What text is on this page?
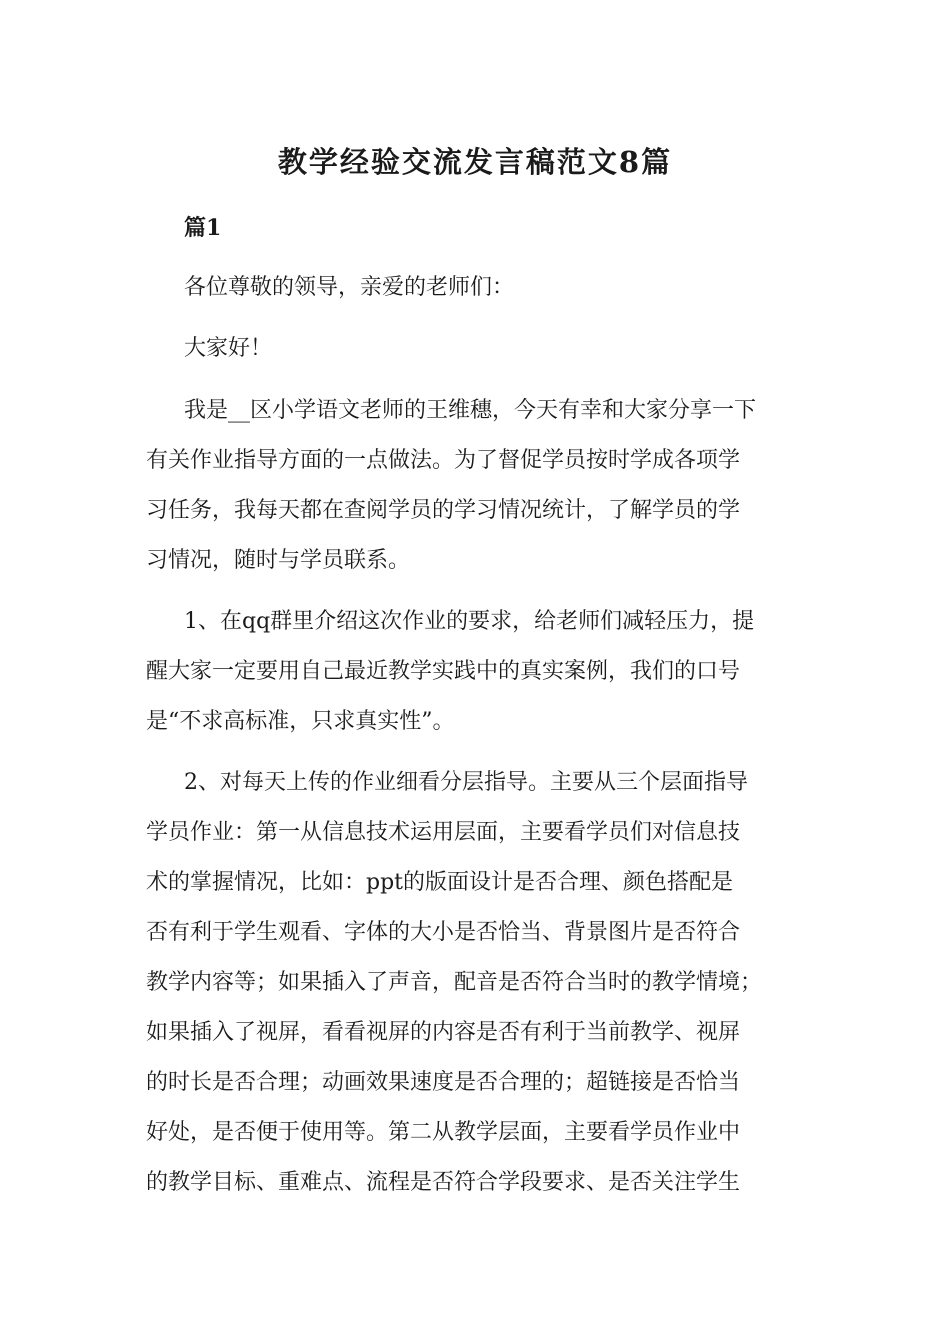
教学经验交流发言稿范文8篇
篇1
各位尊敬的领导，亲爱的老师们：
大家好！
我是__区小学语文老师的王维穗，今天有幸和大家分享一下
有关作业指导方面的一点做法。为了督促学员按时学成各项学
习任务，我每天都在查阅学员的学习情况统计，了解学员的学
习情况，随时与学员联系。
1、在qq群里介绍这次作业的要求，给老师们减轻压力，提
醒大家一定要用自己最近教学实践中的真实案例，我们的口号
是“不求高标准，只求真实性”。
2、对每天上传的作业细看分层指导。主要从三个层面指导
学员作业：第一从信息技术运用层面，主要看学员们对信息技
术的掌握情况，比如：ppt的版面设计是否合理、颜色搭配是
否有利于学生观看、字体的大小是否恰当、背景图片是否符合
教学内容等；如果插入了声音，配音是否符合当时的教学情境；
如果插入了视屏，看看视屏的内容是否有利于当前教学、视屏
的时长是否合理；动画效果速度是否合理的；超链接是否恰当
好处，是否便于使用等。第二从教学层面，主要看学员作业中
的教学目标、重难点、流程是否符合学段要求、是否关注学生
